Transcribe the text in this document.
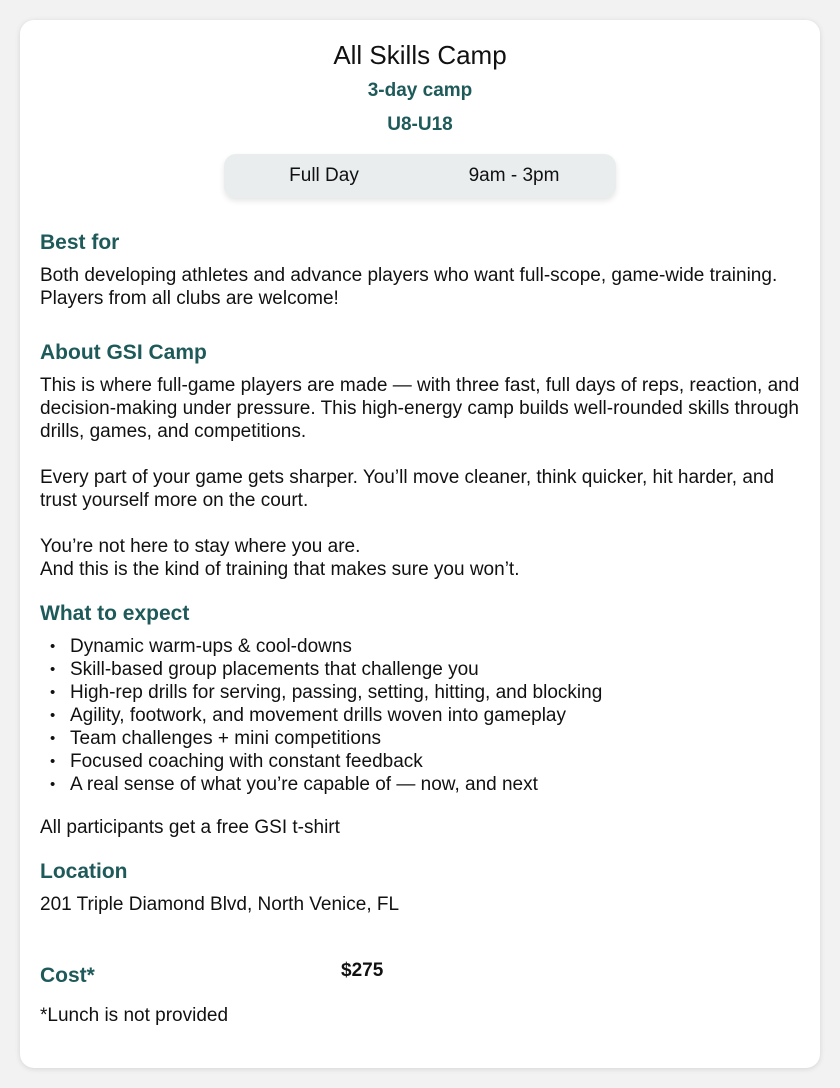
All Skills Camp
3-day camp
U8-U18
Full Day	9am - 3pm
Best for

Both developing athletes and advance players who want full-scope, game-wide training. Players from all clubs are welcome!

About GSI Camp

This is where full-game players are made — with three fast, full days of reps, reaction, and decision-making under pressure. This high-energy camp builds well-rounded skills through drills, games, and competitions.

Every part of your game gets sharper. You’ll move cleaner, think quicker, hit harder, and trust yourself more on the court.

You’re not here to stay where you are.

And this is the kind of training that makes sure you won’t.

What to expect
• Dynamic warm-ups & cool-downs
• Skill-based group placements that challenge you
• High-rep drills for serving, passing, setting, hitting, and blocking
• Agility, footwork, and movement drills woven into gameplay
• Team challenges + mini competitions
• Focused coaching with constant feedback
• A real sense of what you’re capable of — now, and next

All participants get a free GSI t-shirt

Location

201 Triple Diamond Blvd, North Venice, FL

Cost*	$275

*Lunch is not provided
